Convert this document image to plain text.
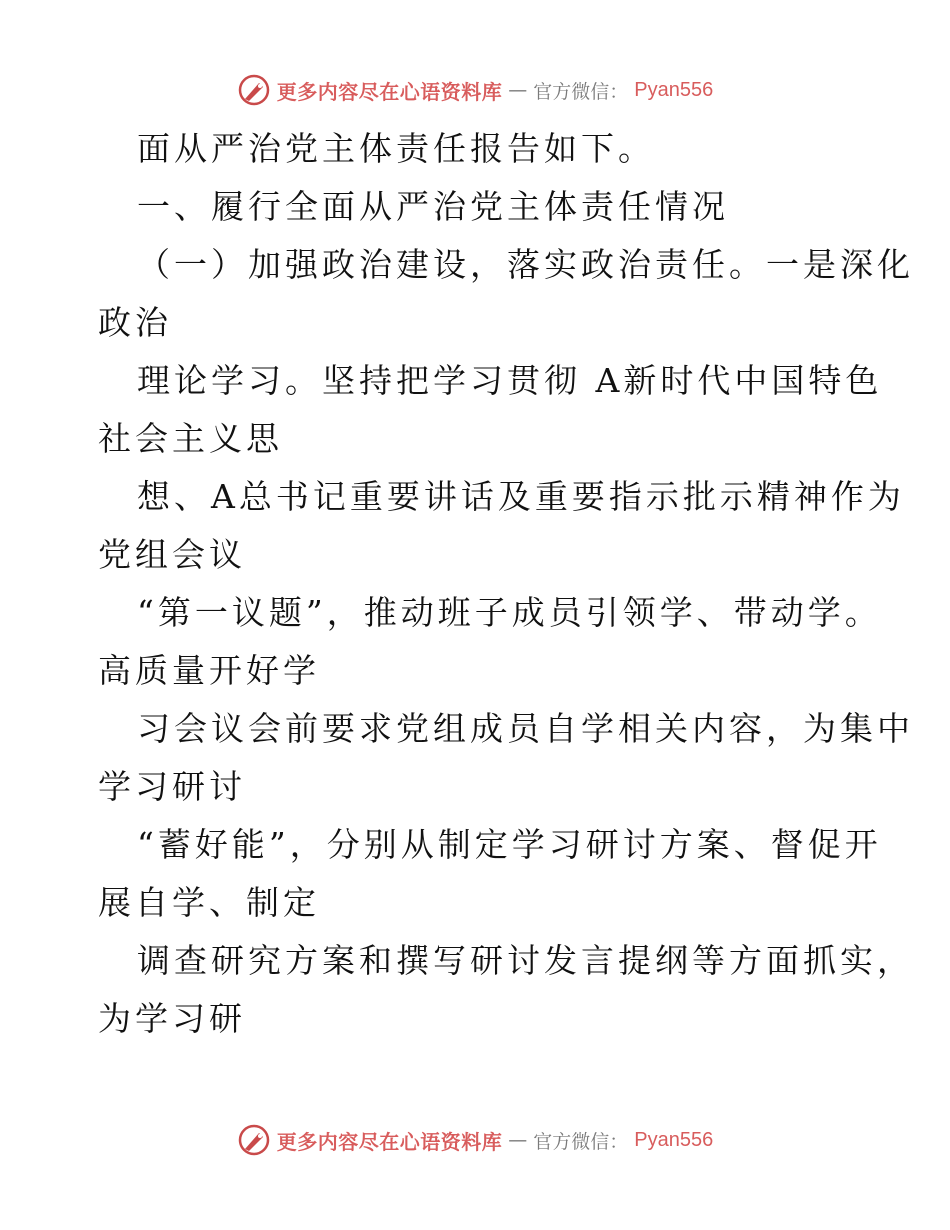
更多内容尽在心语资料库 — 官方微信： Pyan556
面从严治党主体责任报告如下。
一、履行全面从严治党主体责任情况
（一）加强政治建设，落实政治责任。一是深化
政治
理论学习。坚持把学习贯彻 A新时代中国特色
社会主义思
想、A总书记重要讲话及重要指示批示精神作为
党组会议
“第一议题”，推动班子成员引领学、带动学。
高质量开好学
习会议会前要求党组成员自学相关内容，为集中
学习研讨
“蓄好能”，分别从制定学习研讨方案、督促开
展自学、制定
调查研究方案和撰写研讨发言提纲等方面抓实，
为学习研
更多内容尽在心语资料库 — 官方微信： Pyan556
